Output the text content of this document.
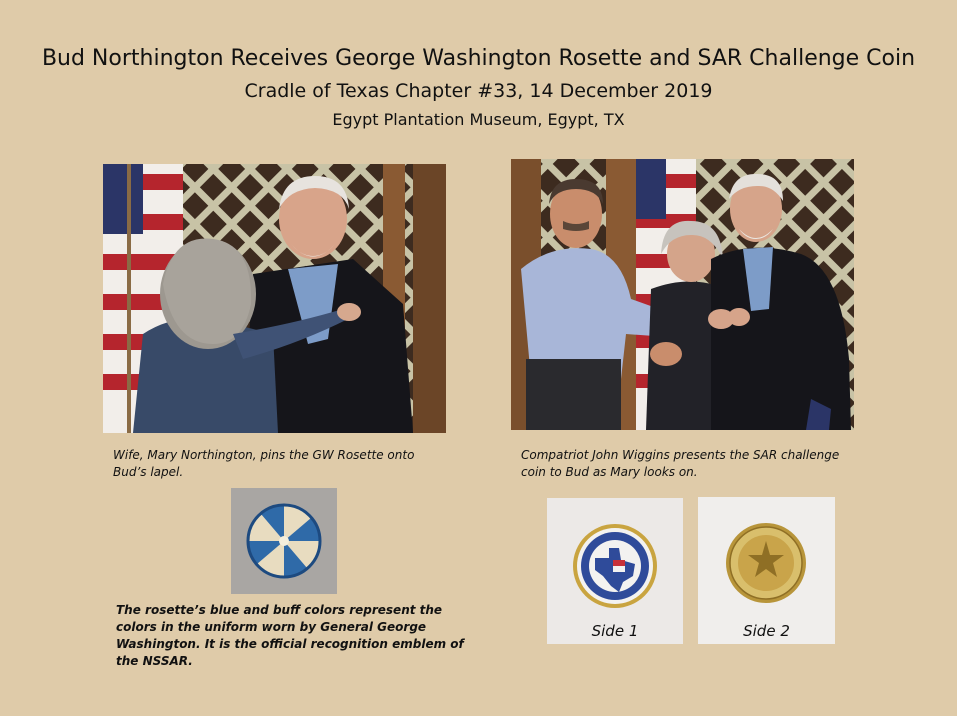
Bud Northington Receives George Washington Rosette and SAR Challenge Coin
Cradle of Texas Chapter #33, 14 December 2019
Egypt Plantation Museum, Egypt, TX
Wife, Mary Northington, pins the GW Rosette onto Bud’s lapel.
Compatriot John Wiggins presents the SAR challenge coin to Bud as Mary looks on.
The rosette’s blue and buff colors represent the colors in the uniform worn by General George Washington. It is the official recognition emblem of the NSSAR.
Side 1	Side 2
